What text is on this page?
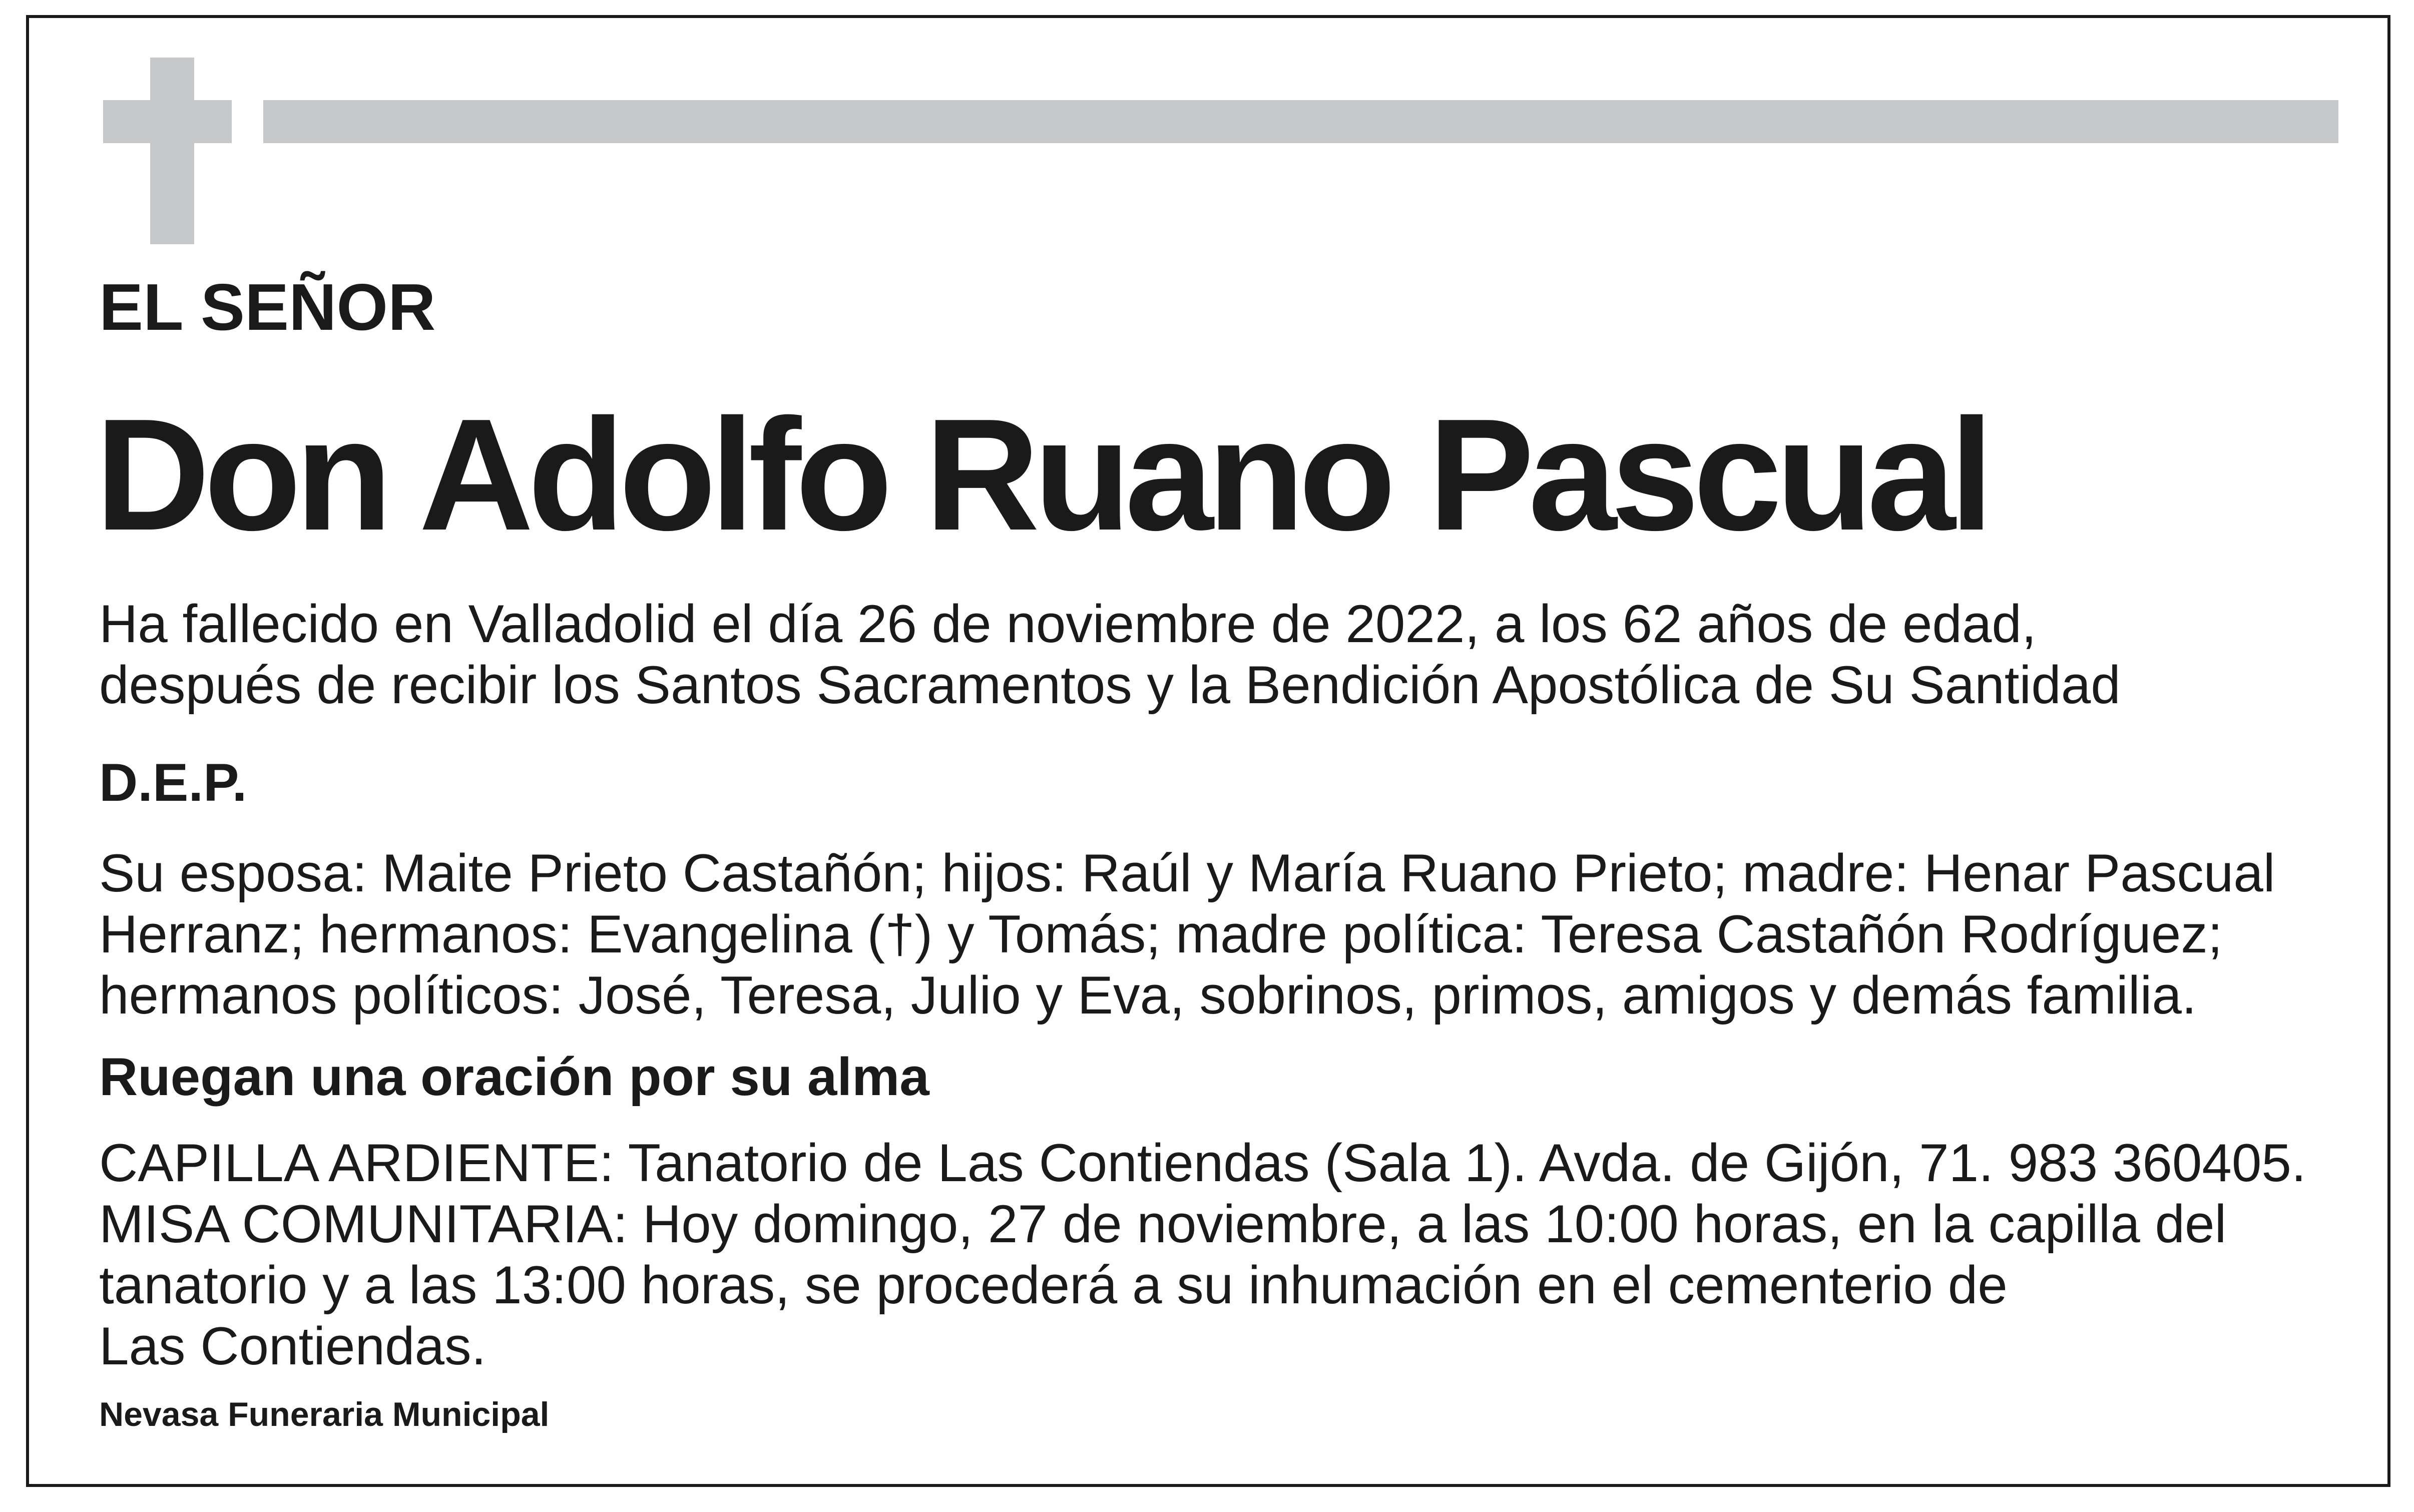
EL SEÑOR
Don Adolfo Ruano Pascual

Ha fallecido en Valladolid el día 26 de noviembre de 2022, a los 62 años de edad,
después de recibir los Santos Sacramentos y la Bendición Apostólica de Su Santidad

D.E.P.

Su esposa: Maite Prieto Castañón; hijos: Raúl y María Ruano Prieto; madre: Henar Pascual
Herranz; hermanos: Evangelina (†) y Tomás; madre política: Teresa Castañón Rodríguez;
hermanos políticos: José, Teresa, Julio y Eva, sobrinos, primos, amigos y demás familia.

Ruegan una oración por su alma

CAPILLA ARDIENTE: Tanatorio de Las Contiendas (Sala 1). Avda. de Gijón, 71. 983 360405.
MISA COMUNITARIA: Hoy domingo, 27 de noviembre, a las 10:00 horas, en la capilla del
tanatorio y a las 13:00 horas, se procederá a su inhumación en el cementerio de
Las Contiendas.

Nevasa Funeraria Municipal
